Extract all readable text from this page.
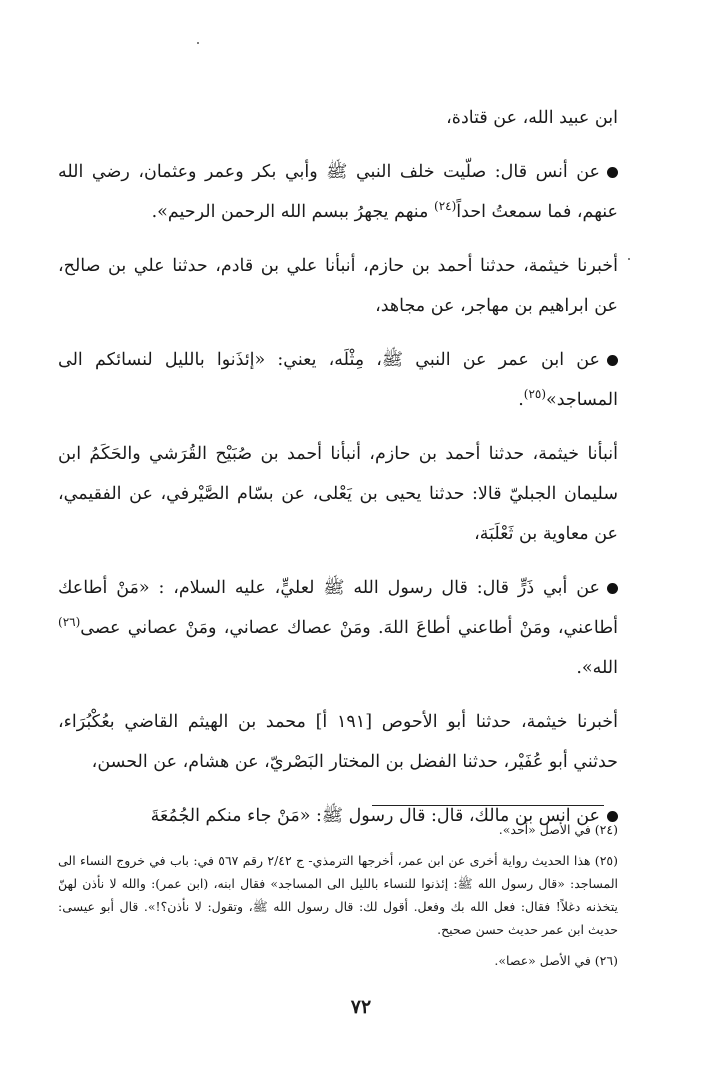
ابن عبيد الله، عن قتادة،

عن أنس قال: صلّيت خلف النبي ﷺ وأبي بكر وعمر وعثمان، رضي الله عنهم، فما سمعتُ احداً$^{(٢٤)}$ منهم يجهرُ ببسم الله الرحمن الرحيم».

أخبرنا خيثمة، حدثنا أحمد بن حازم، أنبأنا علي بن قادم، حدثنا علي بن صالح، عن ابراهيم بن مهاجر، عن مجاهد،

عن ابن عمر عن النبي ﷺ، مِثْلَه، يعني: «إئذَنوا بالليل لنسائكم الى المساجد»$^{(٢٥)}$.

أنبأنا خيثمة، حدثنا أحمد بن حازم، أنبأنا أحمد بن صُبَيْح القُرَشي والحَكَمُ ابن سليمان الجبليّ قالا: حدثنا يحيى بن يَعْلى، عن بسّام الصَّيْرفي، عن الفقيمي، عن معاوية بن ثَعْلَبَة،

عن أبي ذَرٍّ قال: قال رسول الله ﷺ لعليٍّ، عليه السلام، : «مَنْ أطاعك أطاعني، ومَنْ أطاعني أطاعَ اللهَ. ومَنْ عصاك عصاني، ومَنْ عصاني عصى$^{(٢٦)}$ الله».

أخبرنا خيثمة، حدثنا أبو الأحوص [١٩١ أ] محمد بن الهيثم القاضي بعُكْبُرَاء، حدثني أبو عُفَيْر، حدثنا الفضل بن المختار البَصْريّ، عن هشام، عن الحسن،

عن انس بن مالك، قال: قال رسول ﷺ: «مَنْ جاء منكم الجُمُعَةَ

(٢٤) في الأصل «أحد».

(٢٥) هذا الحديث رواية أخرى عن ابن عمر، أخرجها الترمذي- ج ٢/٤٢ رقم ٥٦٧ في: باب في خروج النساء الى المساجد: «قال رسول الله ﷺ: إئذنوا للنساء بالليل الى المساجد» فقال ابنه، (ابن عمر): والله لا نأذن لهنّ يتخذنه دغلاً! فقال: فعل الله بك وفعل. أقول لك: قال رسول الله ﷺ، وتقول: لا نأذن؟!». قال أبو عيسى: حديث ابن عمر حديث حسن صحيح.

(٢٦) في الأصل «عصا».

٧٢
